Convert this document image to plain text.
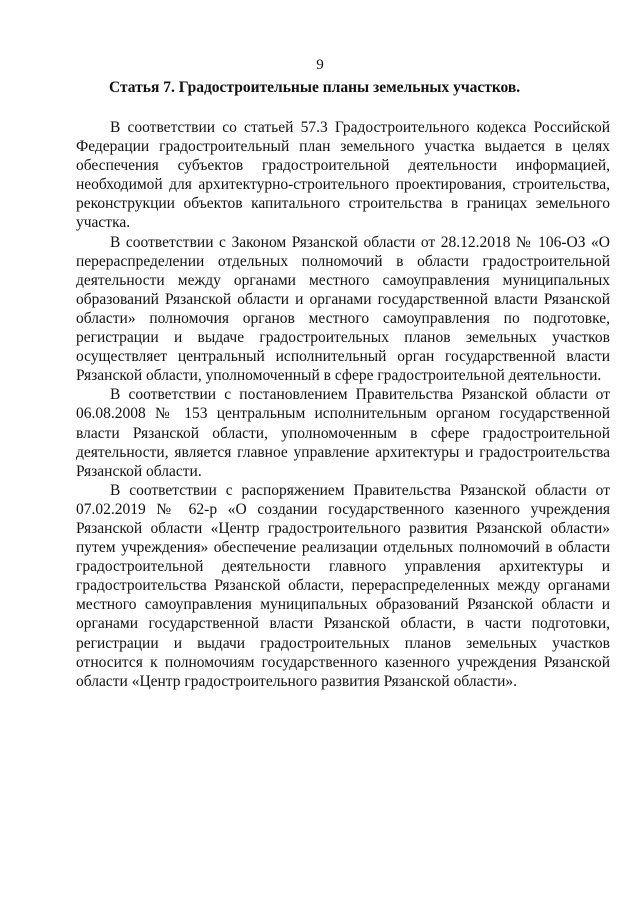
9
Статья 7. Градостроительные планы земельных участков.

В соответствии со статьей 57.3 Градостроительного кодекса Российской Федерации градостроительный план земельного участка выдается в целях обеспечения субъектов градостроительной деятельности информацией, необходимой для архитектурно-строительного проектирования, строительства, реконструкции объектов капитального строительства в границах земельного участка.

В соответствии с Законом Рязанской области от 28.12.2018 № 106-ОЗ «О перераспределении отдельных полномочий в области градостроительной деятельности между органами местного самоуправления муниципальных образований Рязанской области и органами государственной власти Рязанской области» полномочия органов местного самоуправления по подготовке, регистрации и выдаче градостроительных планов земельных участков осуществляет центральный исполнительный орган государственной власти Рязанской области, уполномоченный в сфере градостроительной деятельности.

В соответствии с постановлением Правительства Рязанской области от 06.08.2008 № 153 центральным исполнительным органом государственной власти Рязанской области, уполномоченным в сфере градостроительной деятельности, является главное управление архитектуры и градостроительства Рязанской области.

В соответствии с распоряжением Правительства Рязанской области от 07.02.2019 № 62-р «О создании государственного казенного учреждения Рязанской области «Центр градостроительного развития Рязанской области» путем учреждения» обеспечение реализации отдельных полномочий в области градостроительной деятельности главного управления архитектуры и градостроительства Рязанской области, перераспределенных между органами местного самоуправления муниципальных образований Рязанской области и органами государственной власти Рязанской области, в части подготовки, регистрации и выдачи градостроительных планов земельных участков относится к полномочиям государственного казенного учреждения Рязанской области «Центр градостроительного развития Рязанской области».
